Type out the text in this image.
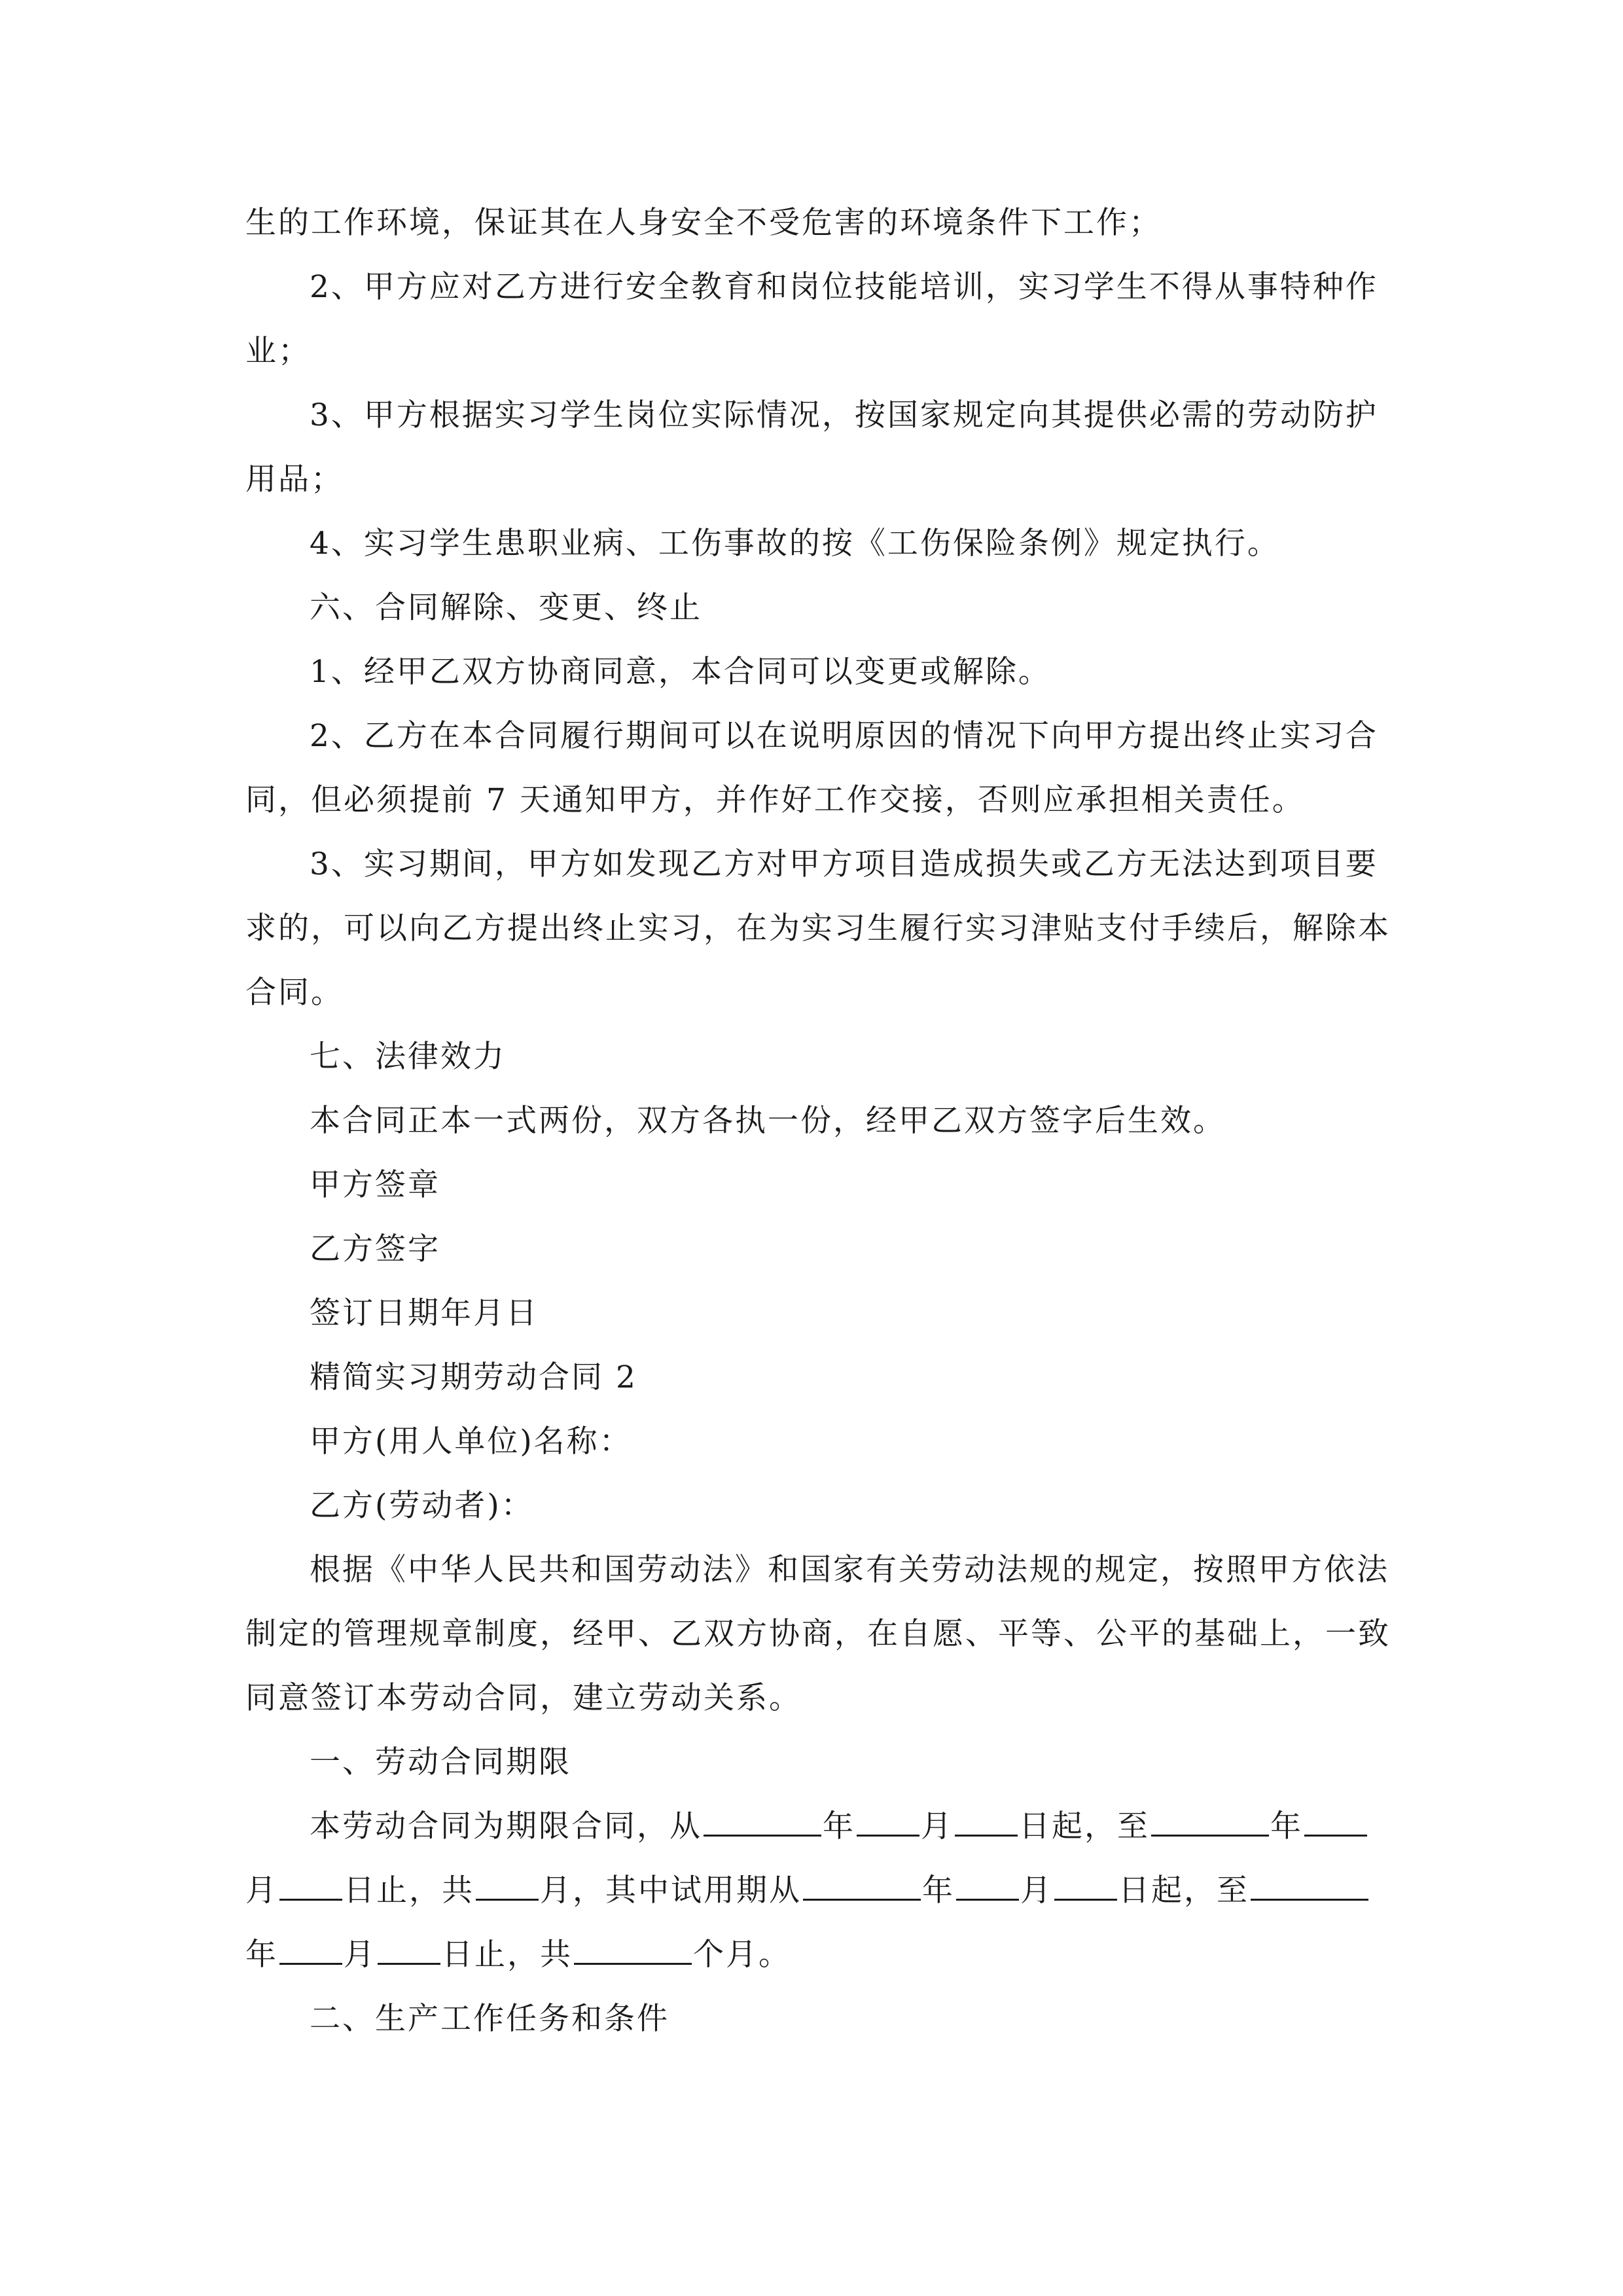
生的工作环境，保证其在人身安全不受危害的环境条件下工作；
2、甲方应对乙方进行安全教育和岗位技能培训，实习学生不得从事特种作
业；
3、甲方根据实习学生岗位实际情况，按国家规定向其提供必需的劳动防护
用品；
4、实习学生患职业病、工伤事故的按《工伤保险条例》规定执行。
六、合同解除、变更、终止
1、经甲乙双方协商同意，本合同可以变更或解除。
2、乙方在本合同履行期间可以在说明原因的情况下向甲方提出终止实习合
同，但必须提前 7 天通知甲方，并作好工作交接，否则应承担相关责任。
3、实习期间，甲方如发现乙方对甲方项目造成损失或乙方无法达到项目要
求的，可以向乙方提出终止实习，在为实习生履行实习津贴支付手续后，解除本
合同。
七、法律效力
本合同正本一式两份，双方各执一份，经甲乙双方签字后生效。
甲方签章
乙方签字
签订日期年月日
精简实习期劳动合同 2
甲方(用人单位)名称：
乙方(劳动者)：
根据《中华人民共和国劳动法》和国家有关劳动法规的规定，按照甲方依法
制定的管理规章制度，经甲、乙双方协商，在自愿、平等、公平的基础上，一致
同意签订本劳动合同，建立劳动关系。
一、劳动合同期限
本劳动合同为期限合同，从	年 月 日起，至	年
月 日止，共 月，其中试用期从	年 月 日起，至
年 月 日止，共	个月。
二、生产工作任务和条件
